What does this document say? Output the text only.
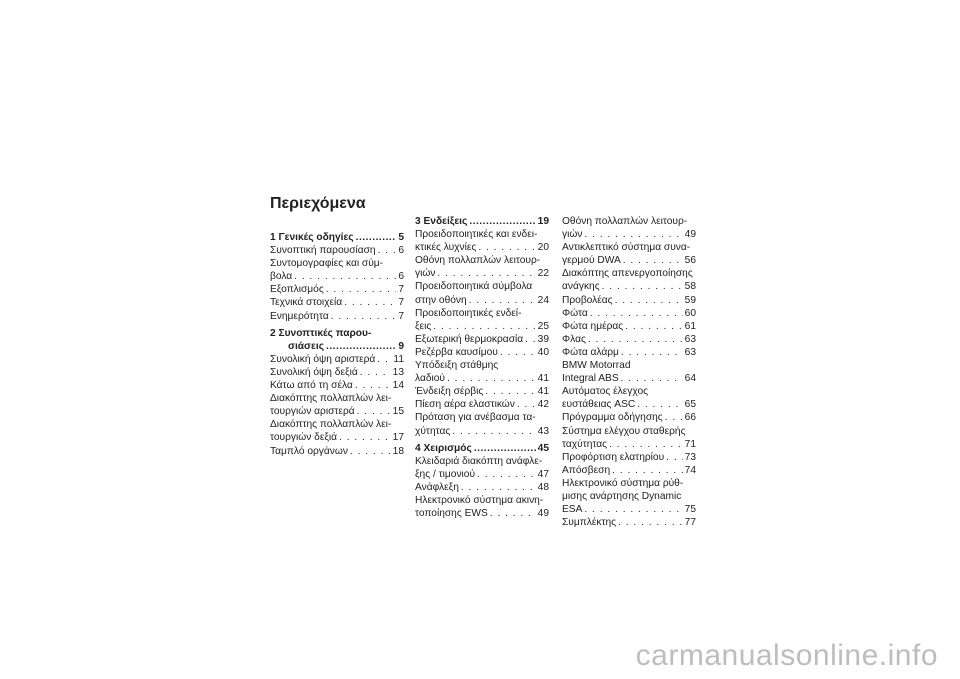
Περιεχόμενα
1 Γενικές οδηγίες .....	5
Συνοπτική παρουσίαση . . . 6
Συντομογραφίες και σύμ-
βολα . . .	6
Εξοπλισμός . . .	7
Τεχνικά στοιχεία . . .	7
Ενημερότητα . . .	7
2 Συνοπτικές παρου-
σιάσεις .....	9
Συνολική όψη αριστερά . . . 11
Συνολική όψη δεξιά . . .	13
Κάτω από τη σέλα . . .	14
Διακόπτης πολλαπλών λει-
τουργιών αριστερά . . .	15
Διακόπτης πολλαπλών λει-
τουργιών δεξιά . . .	17
Ταμπλό οργάνων . . .	18
3 Ενδείξεις .....	19
Προειδοποιητικές και ενδει-
κτικές λυχνίες . . .	20
Οθόνη πολλαπλών λειτουρ-
γιών . . .	22
Προειδοποιητικά σύμβολα
στην οθόνη . . .	24
Προειδοποιητικές ενδεί-
ξεις . . .	25
Εξωτερική θερμοκρασία . . . 39
Ρεζέρβα καυσίμου . . .	40
Υπόδειξη στάθμης
λαδιού . . .	41
Ένδειξη σέρβις . . .	41
Πίεση αέρα ελαστικών . . . 42
Πρόταση για ανέβασμα τα-
χύτητας . . .	43
4 Χειρισμός .....	45
Κλειδαριά διακόπτη ανάφλε-
ξης / τιμονιού . . .	47
Ανάφλεξη . . .	48
Ηλεκτρονικό σύστημα ακινη-
τοποίησης EWS . . .	49
Οθόνη πολλαπλών λειτουρ-
γιών . . .	49
Αντικλεπτικό σύστημα συνα-
γερμού DWA . . .	56
Διακόπτης απενεργοποίησης
ανάγκης . . .	58
Προβολέας . . .	59
Φώτα . . .	60
Φώτα ημέρας . . .	61
Φλας . . .	63
Φώτα αλάρμ . . .	63
BMW Motorrad
Integral ABS . . .	64
Αυτόματος έλεγχος
ευστάθειας ASC . . .	65
Πρόγραμμα οδήγησης . . . 66
Σύστημα ελέγχου σταθερής
ταχύτητας . . .	71
Προφόρτιση ελατηρίου . . . 73
Απόσβεση . . .	74
Ηλεκτρονικό σύστημα ρύθ-
μισης ανάρτησης Dynamic
ESA . . .	75
Συμπλέκτης . . .	77
carmanualsonline.info
